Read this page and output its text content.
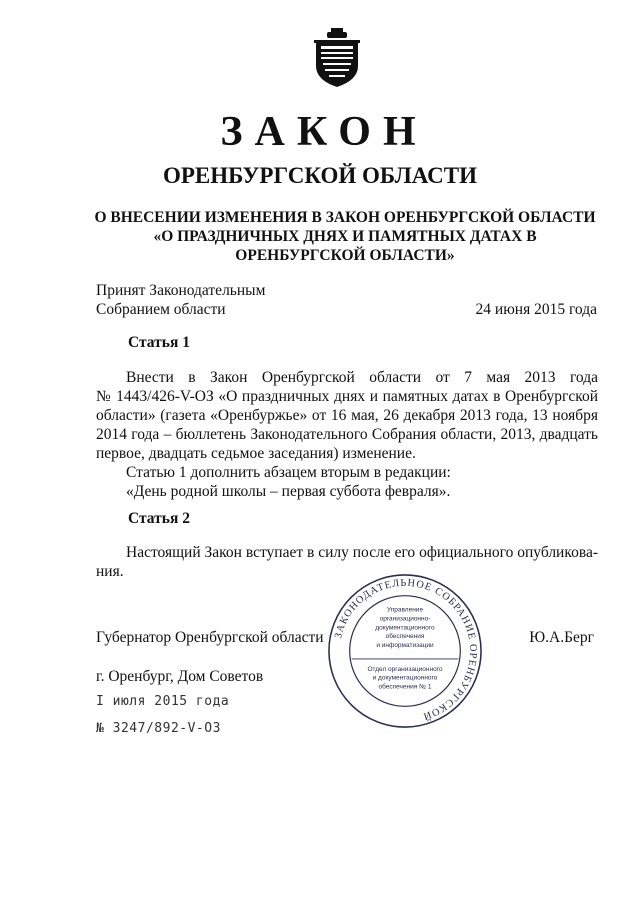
ЗАКОН
ОРЕНБУРГСКОЙ ОБЛАСТИ
О ВНЕСЕНИИ ИЗМЕНЕНИЯ В ЗАКОН ОРЕНБУРГСКОЙ ОБЛАСТИ
«О ПРАЗДНИЧНЫХ ДНЯХ И ПАМЯТНЫХ ДАТАХ В
ОРЕНБУРГСКОЙ ОБЛАСТИ»
Принят Законодательным
Собранием области	24 июня 2015 года
Статья 1
Внести в Закон Оренбургской области от 7 мая 2013 года
№ 1443/426-V-ОЗ «О праздничных днях и памятных датах в Оренбургской
области» (газета «Оренбуржье» от 16 мая, 26 декабря 2013 года, 13 ноября
2014 года – бюллетень Законодательного Собрания области, 2013, двадцать
первое, двадцать седьмое заседания) изменение.
Статью 1 дополнить абзацем вторым в редакции:
«День родной школы – первая суббота февраля».
Статья 2
Настоящий Закон вступает в силу после его официального опубликова-
ния.
ЗАКОНОДАТЕЛЬНОЕ СОБРАНИЕ ОРЕНБУРГСКОЙ
Управление
организационно-
документационного
обеспечения
и информатизации
Отдел организационного
и документационного
обеспечения № 1
Губернатор Оренбургской области	Ю.А.Берг
г. Оренбург, Дом Советов
I июля 2015 года
№ 3247/892-V-ОЗ
